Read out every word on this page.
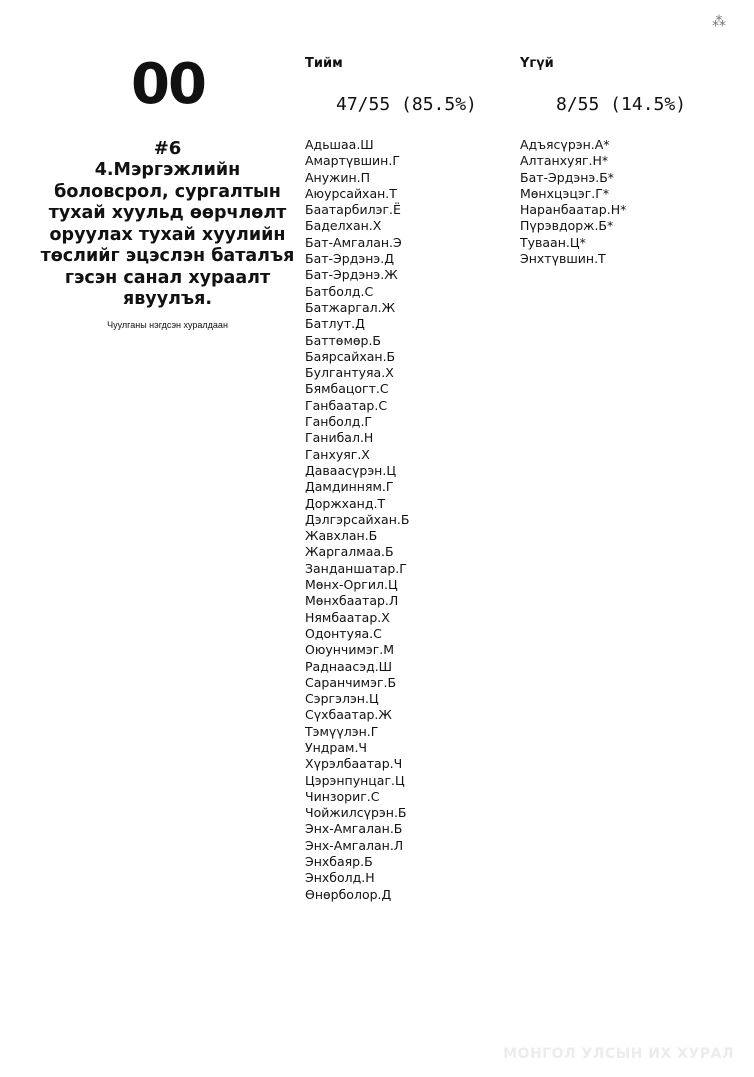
⁂
00
#6
4.Мэргэжлийн боловсрол, сургалтын тухай хуульд өөрчлөлт оруулах тухай хуулийн төслийг эцэслэн баталъя гэсэн санал хураалт явуулъя.
Чуулганы нэгдсэн хуралдаан
Тийм
47/55 (85.5%)
Адьшаа.Ш
Амартүвшин.Г
Анужин.П
Аюурсайхан.Т
Баатарбилэг.Ё
Баделхан.Х
Бат-Амгалан.Э
Бат-Эрдэнэ.Д
Бат-Эрдэнэ.Ж
Батболд.С
Батжаргал.Ж
Батлут.Д
Баттөмөр.Б
Баярсайхан.Б
Булгантуяа.Х
Бямбацогт.С
Ганбаатар.С
Ганболд.Г
Ганибал.Н
Ганхуяг.Х
Даваасүрэн.Ц
Дамдинням.Г
Доржханд.Т
Дэлгэрсайхан.Б
Жавхлан.Б
Жаргалмаа.Б
Занданшатар.Г
Мөнх-Оргил.Ц
Мөнхбаатар.Л
Нямбаатар.Х
Одонтуяа.С
Оюунчимэг.М
Раднаасэд.Ш
Саранчимэг.Б
Сэргэлэн.Ц
Сүхбаатар.Ж
Тэмүүлэн.Г
Ундрам.Ч
Хүрэлбаатар.Ч
Цэрэнпунцаг.Ц
Чинзориг.С
Чойжилсүрэн.Б
Энх-Амгалан.Б
Энх-Амгалан.Л
Энхбаяр.Б
Энхболд.Н
Өнөрболор.Д
Үгүй
8/55 (14.5%)
Адъясүрэн.А*
Алтанхуяг.Н*
Бат-Эрдэнэ.Б*
Мөнхцэцэг.Г*
Наранбаатар.Н*
Пүрэвдорж.Б*
Туваан.Ц*
Энхтүвшин.Т
МОНГОЛ УЛСЫН ИХ ХУРАЛ
